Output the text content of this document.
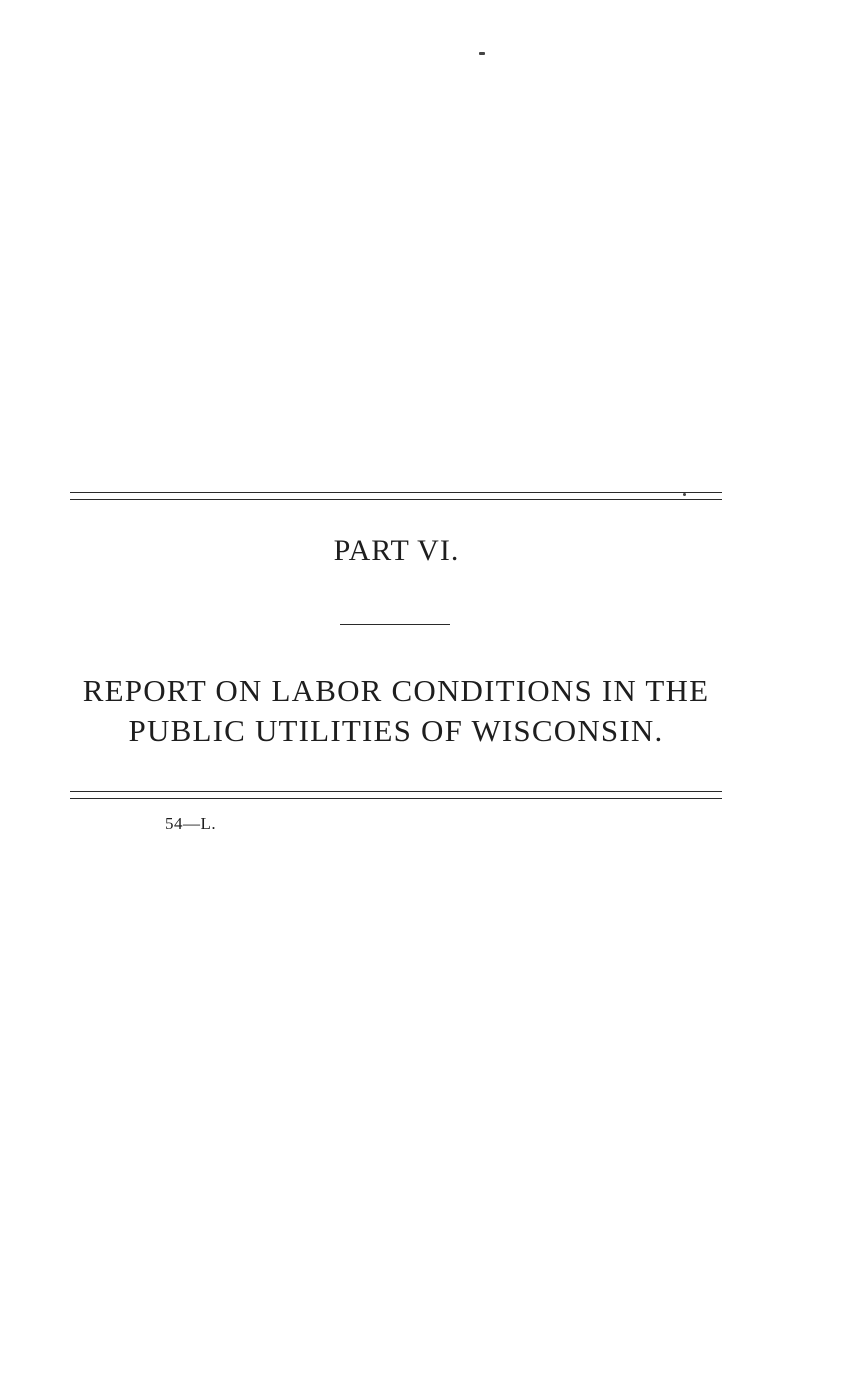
PART VI.
REPORT ON LABOR CONDITIONS IN THE
PUBLIC UTILITIES OF WISCONSIN.
54—L.
